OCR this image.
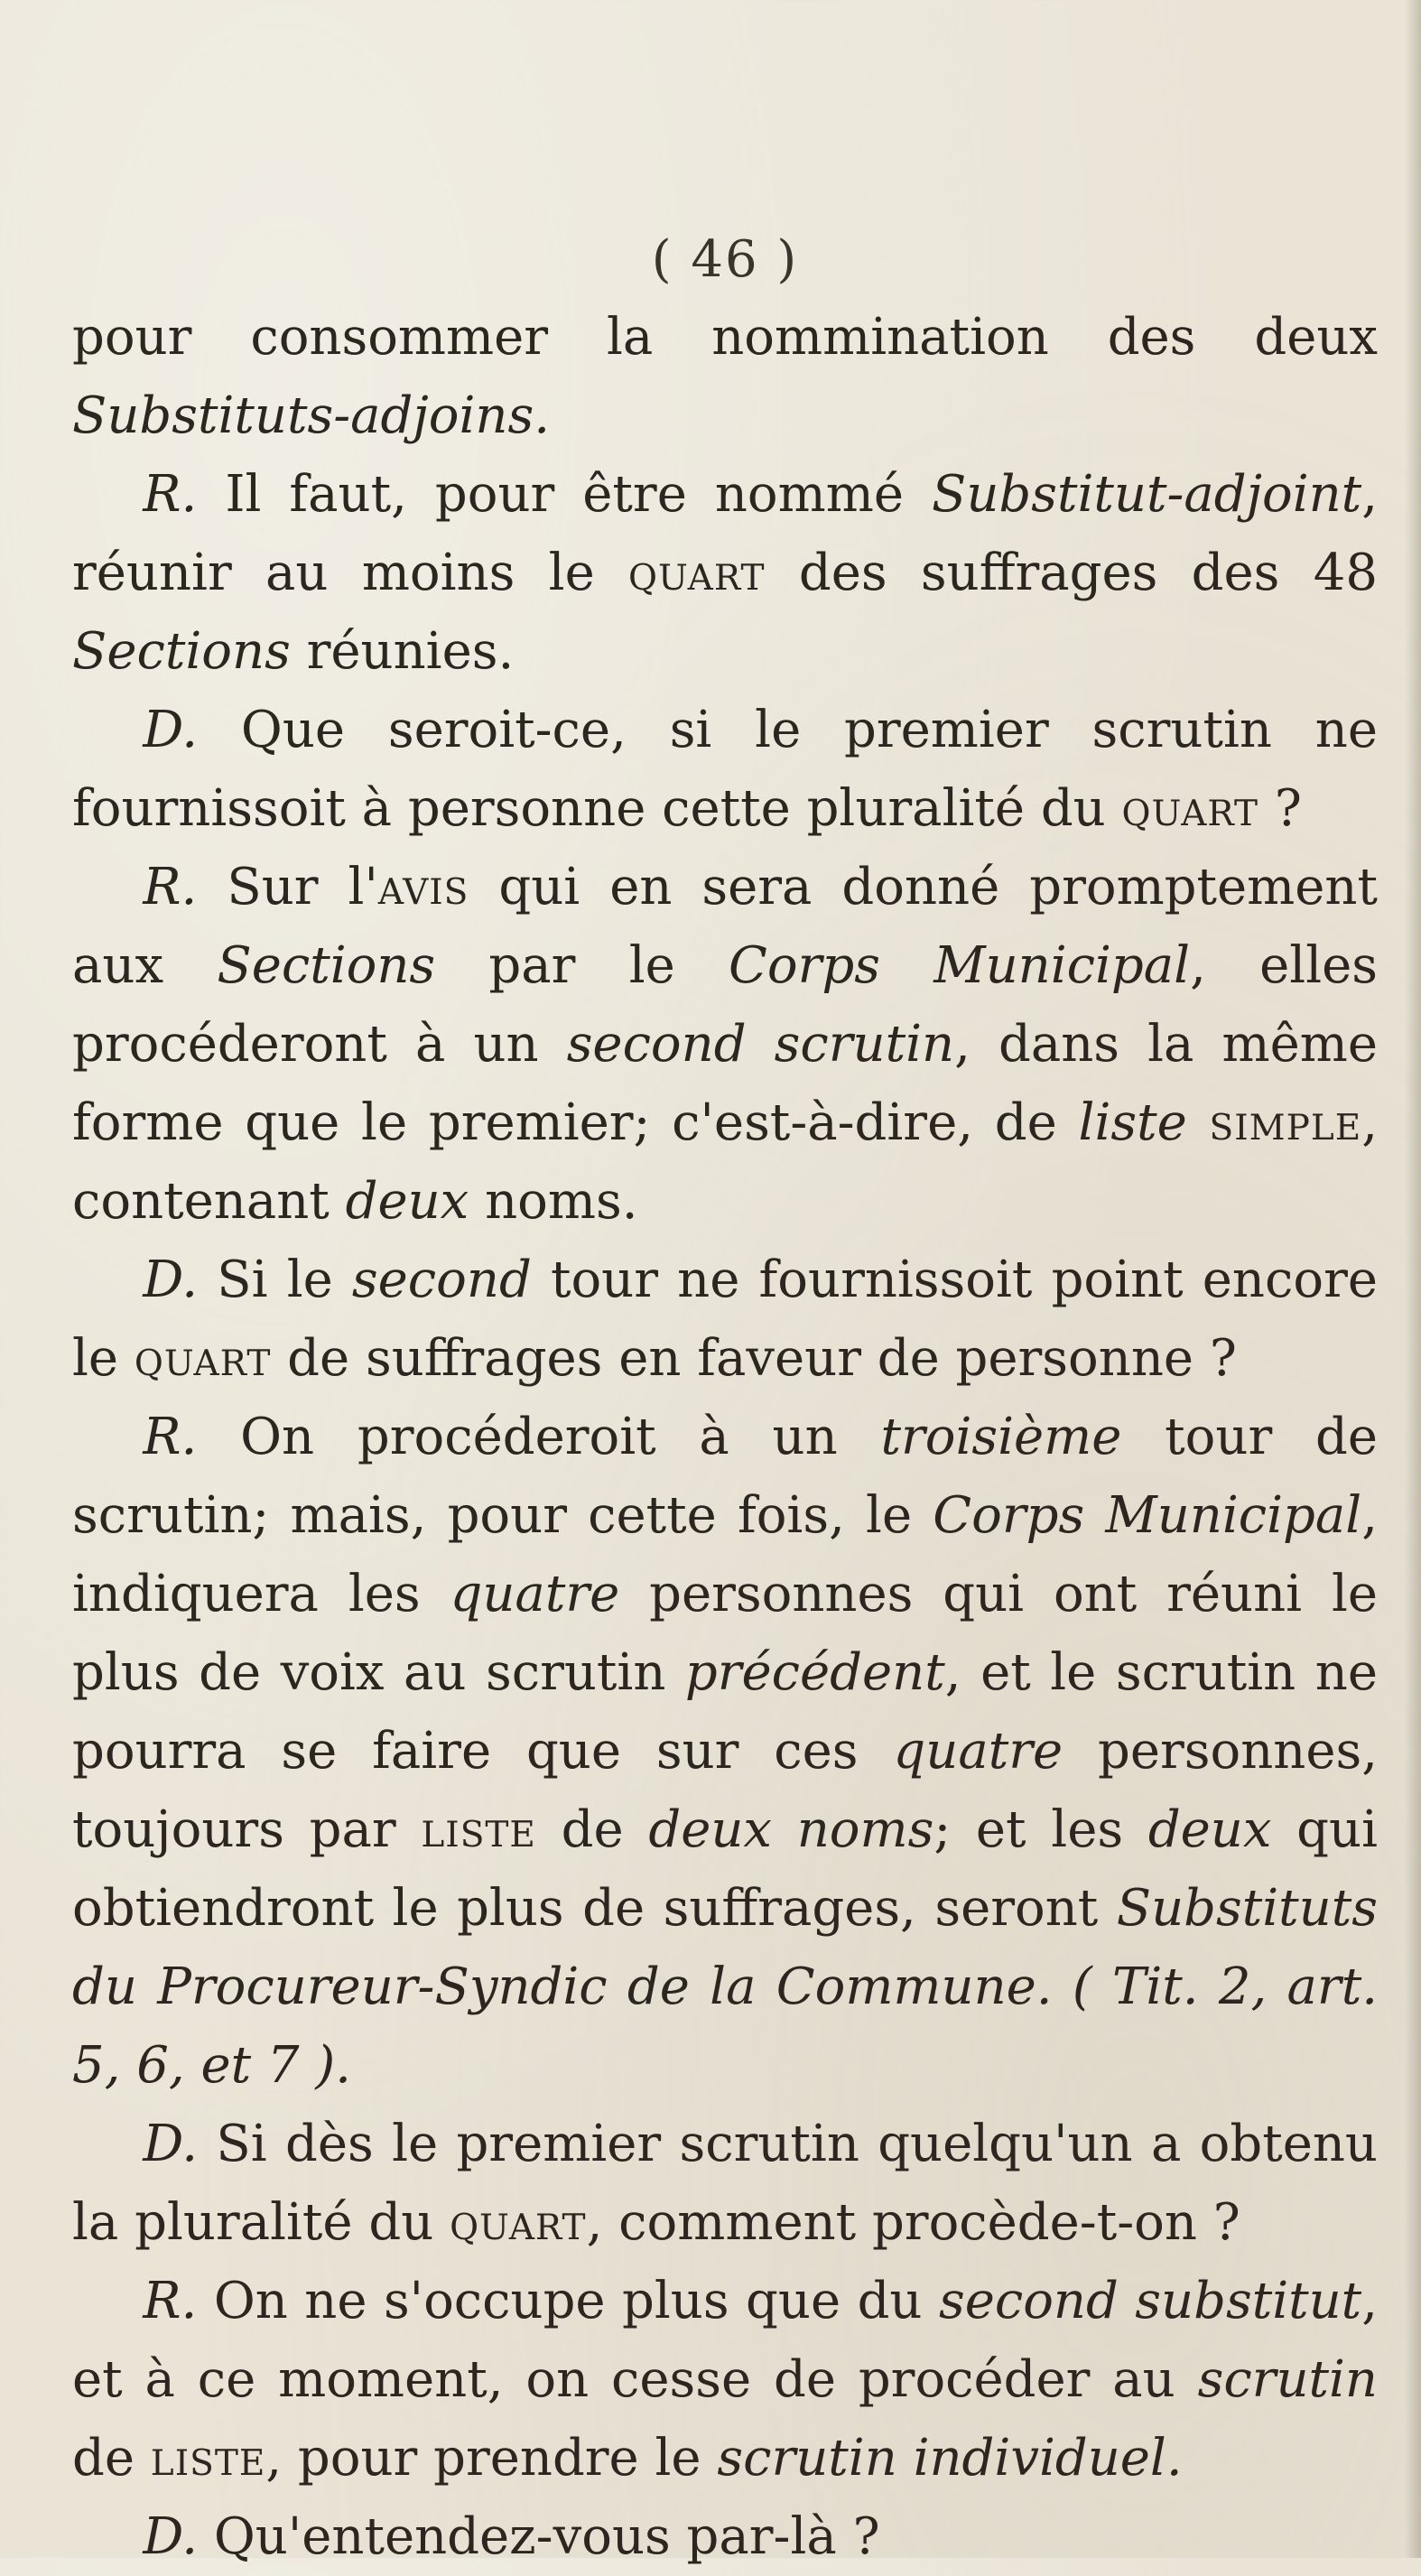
( 46 )

pour consommer la nommination des deux Substituts-adjoins.

R. Il faut, pour être nommé Substitut-adjoint, réunir au moins le quart des suffrages des 48 Sections réunies.

D. Que seroit-ce, si le premier scrutin ne fournissoit à personne cette pluralité du quart ?

R. Sur l'avis qui en sera donné promptement aux Sections par le Corps Municipal, elles procéderont à un second scrutin, dans la même forme que le premier; c'est-à-dire, de liste simple, contenant deux noms.

D. Si le second tour ne fournissoit point encore le quart de suffrages en faveur de personne ?

R. On procéderoit à un troisième tour de scrutin; mais, pour cette fois, le Corps Municipal, indiquera les quatre personnes qui ont réuni le plus de voix au scrutin précédent, et le scrutin ne pourra se faire que sur ces quatre personnes, toujours par liste de deux noms; et les deux qui obtiendront le plus de suffrages, seront Substituts du Procureur-Syndic de la Commune. ( Tit. 2, art. 5, 6, et 7 ).

D. Si dès le premier scrutin quelqu'un a obtenu la pluralité du quart, comment procède-t-on ?

R. On ne s'occupe plus que du second substitut, et à ce moment, on cesse de procéder au scrutin de liste, pour prendre le scrutin individuel.

D. Qu'entendez-vous par-là ?
